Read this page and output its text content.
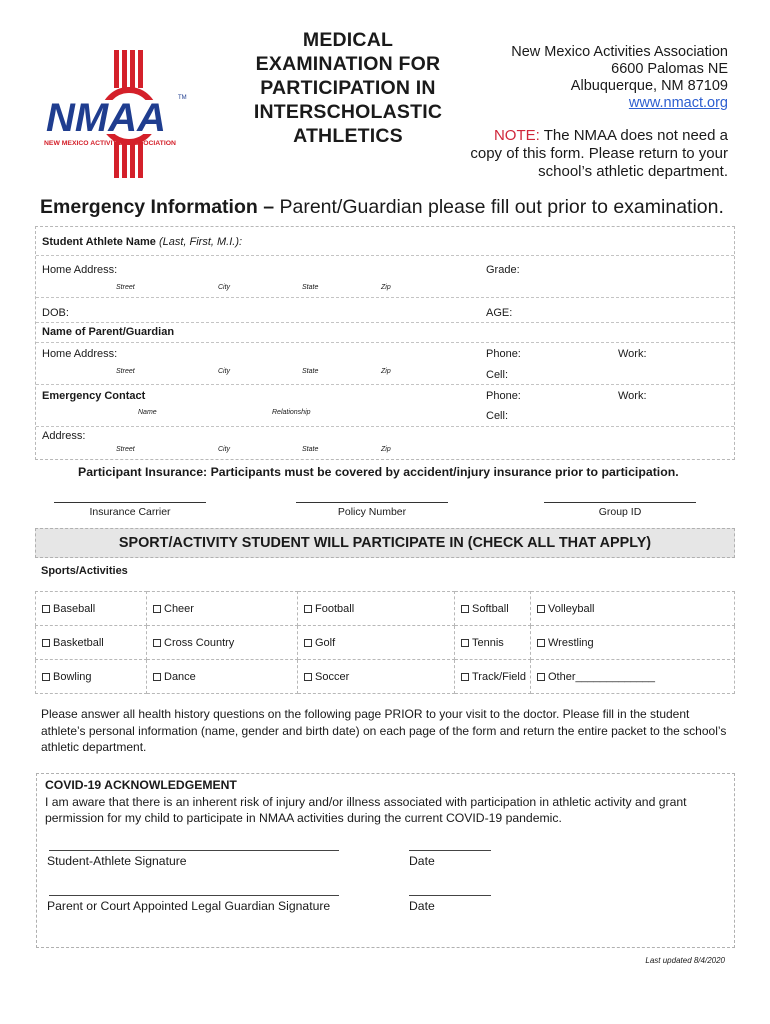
NMAA TM
NEW MEXICO ACTIVITIES ASSOCIATION
MEDICAL
EXAMINATION FOR
PARTICIPATION IN
INTERSCHOLASTIC
ATHLETICS
New Mexico Activities Association
6600 Palomas NE
Albuquerque, NM 87109
www.nmact.org
NOTE: The NMAA does not need a copy of this form. Please return to your school’s athletic department.
Emergency Information – Parent/Guardian please fill out prior to examination.
Student Athlete Name (Last, First, M.I.):
Home Address:	Grade:
Street	City	State	Zip
DOB:	AGE:
Name of Parent/Guardian
Home Address:	Phone:	Work:
Street	City	State	Zip	Cell:
Emergency Contact	Phone:	Work:
Name	Relationship	Cell:
Address:
Street	City	State	Zip
Participant Insurance: Participants must be covered by accident/injury insurance prior to participation.
Insurance Carrier	Policy Number	Group ID
SPORT/ACTIVITY STUDENT WILL PARTICIPATE IN (CHECK ALL THAT APPLY)
Sports/Activities
Baseball	Cheer	Football	Softball	Volleyball
Basketball	Cross Country	Golf	Tennis	Wrestling
Bowling	Dance	Soccer	Track/Field	Other_____________
Please answer all health history questions on the following page PRIOR to your visit to the doctor. Please fill in the student athlete’s personal information (name, gender and birth date) on each page of the form and return the entire packet to the school’s athletic department.
COVID-19 ACKNOWLEDGEMENT
I am aware that there is an inherent risk of injury and/or illness associated with participation in athletic activity and grant permission for my child to participate in NMAA activities during the current COVID-19 pandemic.
Student-Athlete Signature	Date
Parent or Court Appointed Legal Guardian Signature	Date
Last updated 8/4/2020
